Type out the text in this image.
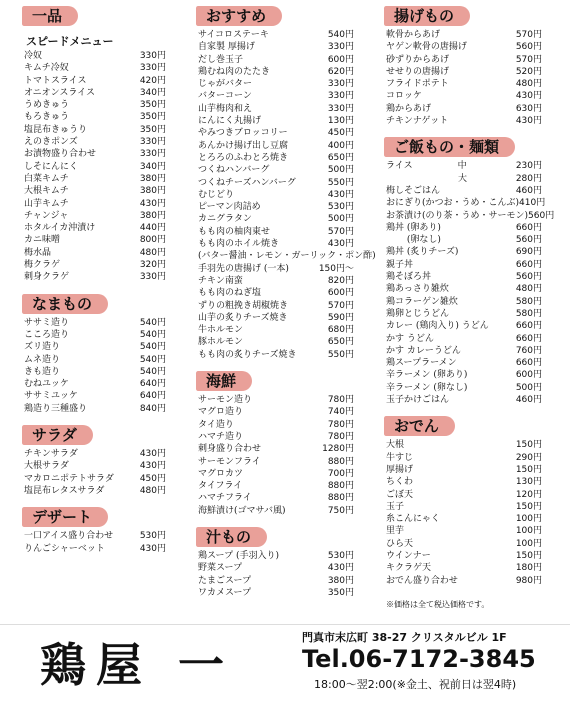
一品
スピードメニュー
冷奴	330円
キムチ冷奴	330円
トマトスライス	420円
オニオンスライス	340円
うめきゅう	350円
もろきゅう	350円
塩昆布きゅうり	350円
えのきポンズ	330円
お漬物盛り合わせ	330円
しそにんにく	340円
白菜キムチ	380円
大根キムチ	380円
山芋キムチ	430円
チャンジャ	380円
ホタルイカ沖漬け	440円
カニ味噌	800円
梅水晶	480円
梅クラゲ	320円
刺身クラゲ	330円
なまもの
ササミ造り	540円
こころ造り	540円
ズリ造り	540円
ムネ造り	540円
きも造り	540円
むねユッケ	640円
ササミユッケ	640円
鶏造り三種盛り	840円
サラダ
チキンサラダ	430円
大根サラダ	430円
マカロニポテトサラダ	450円
塩昆布レタスサラダ	480円
デザート
一口アイス盛り合わせ	530円
りんごシャーベット	430円
おすすめ
サイコロステーキ	540円
自家製 厚揚げ	330円
だし巻玉子	600円
鶏むね肉のたたき	620円
じゃがバター	330円
バターコーン	330円
山芋梅肉和え	330円
にんにく丸揚げ	130円
やみつきブロッコリー	450円
あんかけ揚げ出し豆腐	400円
とろろのふわとろ焼き	650円
つくねハンバーグ	500円
つくねチーズハンバーグ	550円
むじどり	430円
ピーマン肉詰め	530円
カニグラタン	500円
もも肉の柚肉東せ	570円
もも肉のホイル焼き	430円
(バター醤油・レモン・ガーリック・ポン酢)
手羽先の唐揚げ (一本)	150円～
チキン南蛮	820円
もも肉のねぎ塩	600円
ずりの粗挽き胡椒焼き	570円
山芋の炙りチーズ焼き	590円
牛ホルモン	680円
豚ホルモン	650円
もも肉の炙りチーズ焼き	550円
海鮮
サーモン造り	780円
マグロ造り	740円
タイ造り	780円
ハマチ造り	780円
刺身盛り合わせ	1280円
サーモンフライ	880円
マグロカツ	700円
タイフライ	880円
ハマチフライ	880円
海鮮漬け(ゴマサバ風)	750円
汁もの
鶏スープ (手羽入り)	530円
野菜スープ	430円
たまごスープ	380円
ワカメスープ	350円
揚げもの
軟骨からあげ	570円
ヤゲン軟骨の唐揚げ	560円
砂ずりからあげ	570円
せせりの唐揚げ	520円
フライドポテト	480円
コロッケ	430円
鶏からあげ	630円
チキンナゲット	430円
ご飯もの・麺類
ライス　　　　　中	230円
　　　　　　　　大	280円
梅しそごはん	460円
おにぎり(かつお・うめ・こんぶ) 410円
お茶漬け(のり茶・うめ・サーモン) 560円
鶏丼 (卵あり)	660円
　　 (卵なし)	560円
鶏丼 (炙りチーズ)	690円
親子丼	660円
鶏そぼろ丼	560円
鶏あっさり雑炊	480円
鶏コラーゲン雑炊	580円
鶏卵とじうどん	580円
カレー (鶏肉入り) うどん	660円
かす うどん	660円
かす カレーうどん	760円
鶏スープラーメン	660円
辛ラーメン (卵あり)	600円
辛ラーメン (卵なし)	500円
玉子かけごはん	460円
おでん
大根	150円
牛すじ	290円
厚揚げ	150円
ちくわ	130円
ごぼ天	120円
玉子	150円
糸こんにゃく	100円
里芋	100円
ひら天	100円
ウインナー	150円
キクラゲ天	180円
おでん盛り合わせ	980円
※価格は全て税込価格です。
鶏屋 一
門真市末広町 38-27 クリスタルビル 1F
Tel.06-7172-3845
18:00～翌2:00(※金土、祝前日は翌4時)
